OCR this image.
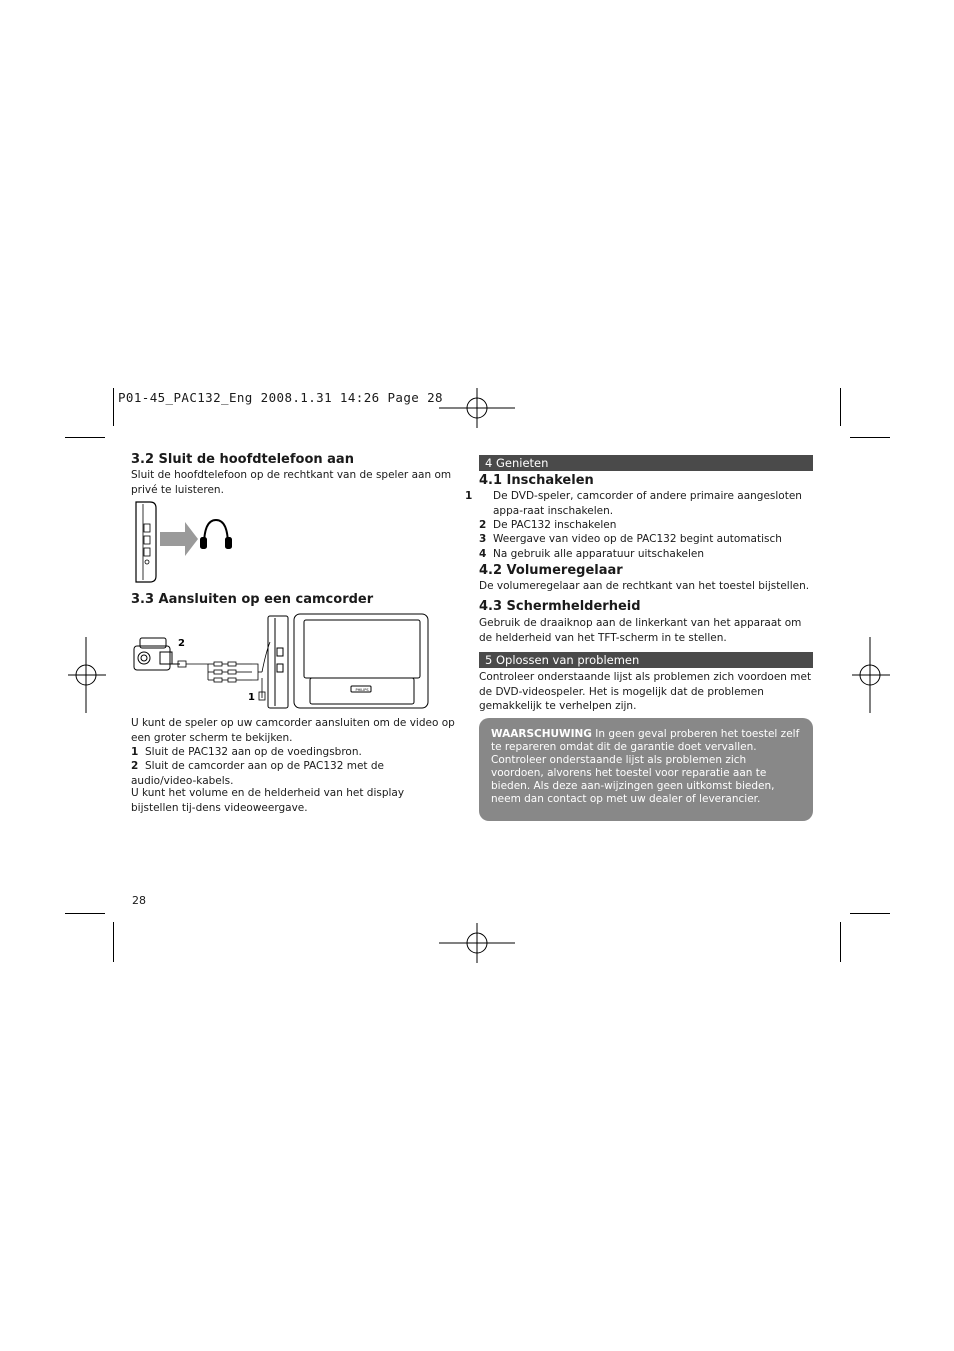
P01-45_PAC132_Eng 2008.1.31 14:26 Page 28
3.2 Sluit de hoofdtelefoon aan
Sluit de hoofdtelefoon op de rechtkant van de speler aan om privé te luisteren.
3.3 Aansluiten op een camcorder
PHILIPS
2
1
U kunt de speler op uw camcorder aansluiten om de video op een groter scherm te bekijken.
1 Sluit de PAC132 aan op de voedingsbron.
2 Sluit de camcorder aan op de PAC132 met de audio/video-kabels.
U kunt het volume en de helderheid van het display bijstellen tij-dens videoweergave.
4 Genieten
4.1 Inschakelen
1 De DVD-speler, camcorder of andere primaire aangesloten appa-raat inschakelen.
2 De PAC132 inschakelen
3 Weergave van video op de PAC132 begint automatisch
4 Na gebruik alle apparatuur uitschakelen
4.2 Volumeregelaar
De volumeregelaar aan de rechtkant van het toestel bijstellen.
4.3 Schermhelderheid
Gebruik de draaiknop aan de linkerkant van het apparaat om de helderheid van het TFT-scherm in te stellen.
5 Oplossen van problemen
Controleer onderstaande lijst als problemen zich voordoen met de DVD-videospeler. Het is mogelijk dat de problemen gemakkelijk te verhelpen zijn.
WAARSCHUWING In geen geval proberen het toestel zelf te repareren omdat dit de garantie doet vervallen. Controleer onderstaande lijst als problemen zich voordoen, alvorens het toestel voor reparatie aan te bieden. Als deze aan-wijzingen geen uitkomst bieden, neem dan contact op met uw dealer of leverancier.
28
